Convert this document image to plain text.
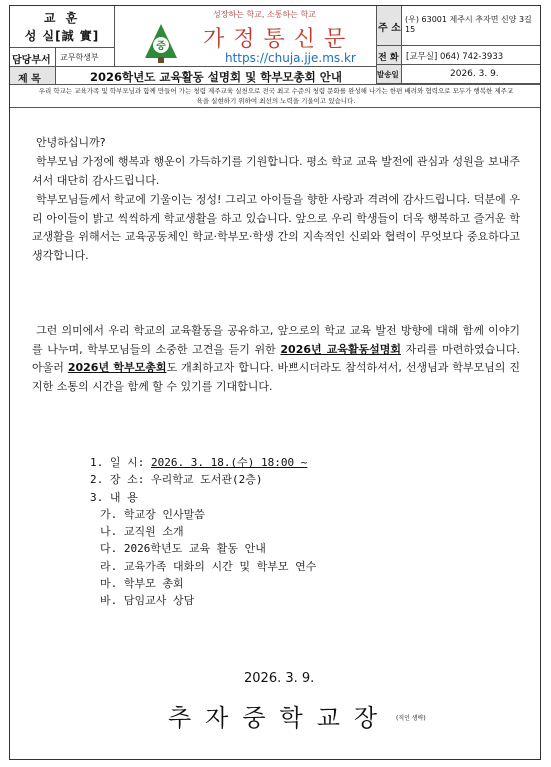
교 훈
성 실[誠 實]
담당부서 교무학생부
중
성장하는 학교, 소통하는 학교
가 정 통 신 문
https://chuja.jje.ms.kr
주 소
(우) 63001 제주시 추자면 신양 3길 15
전 화 [교무실] 064) 742-3933
발송일	2026. 3. 9.
제 목	2026학년도 교육활동 설명회 및 학부모총회 안내
우리 학교는 교육가족 및 학부모님과 함께 만들어 가는 청렴 제주교육 실천으로 전국 최고 수준의 청렴 문화를 완성해 나가는 한편 배려와 협력으로 모두가 행복한 제주교육을 실현하기 위하여 최선의 노력을 기울이고 있습니다.

안녕하십니까?

학부모님 가정에 행복과 행운이 가득하기를 기원합니다. 평소 학교 교육 발전에 관심과 성원을 보내주셔서 대단히 감사드립니다.

학부모님들께서 학교에 기울이는 정성! 그리고 아이들을 향한 사랑과 격려에 감사드립니다. 덕분에 우리 아이들이 밝고 씩씩하게 학교생활을 하고 있습니다. 앞으로 우리 학생들이 더욱 행복하고 즐거운 학교생활을 위해서는 교육공동체인 학교·학부모·학생 간의 지속적인 신뢰와 협력이 무엇보다 중요하다고 생각합니다.

그런 의미에서 우리 학교의 교육활동을 공유하고, 앞으로의 학교 교육 발전 방향에 대해 함께 이야기를 나누며, 학부모님들의 소중한 고견을 듣기 위한 2026년 교육활동설명회 자리를 마련하였습니다. 아울러 2026년 학부모총회도 개최하고자 합니다. 바쁘시더라도 참석하셔서, 선생님과 학부모님의 진지한 소통의 시간을 함께 할 수 있기를 기대합니다.

1. 일 시: 2026. 3. 18.(수) 18:00 ~
2. 장 소: 우리학교 도서관(2층)
3. 내 용
가. 학교장 인사말씀
나. 교직원 소개
다. 2026학년도 교육 활동 안내
라. 교육가족 대화의 시간 및 학부모 연수
마. 학부모 총회
바. 담임교사 상담
2026. 3. 9.
추자중학교장 (직인 생략)
